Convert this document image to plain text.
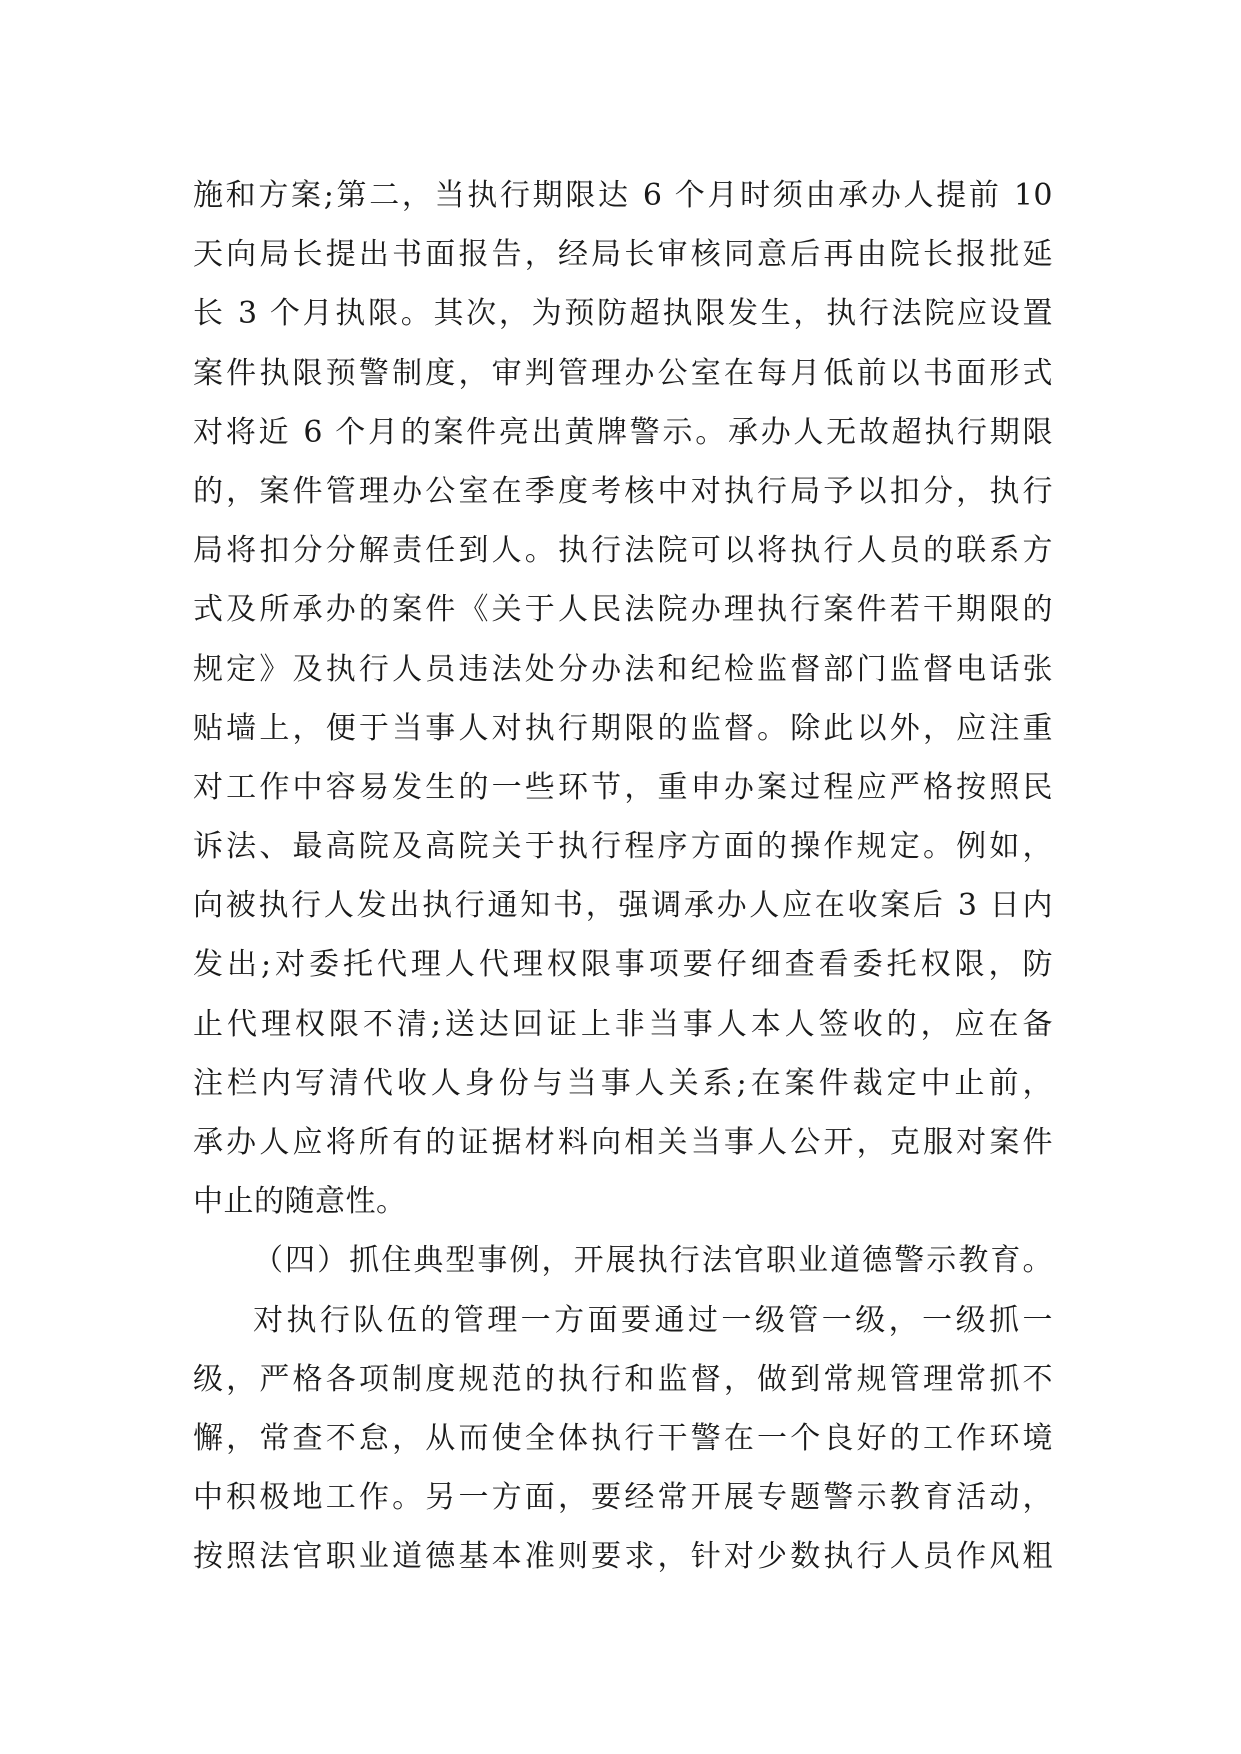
施和方案;第二，当执行期限达 6 个月时须由承办人提前 10
天向局长提出书面报告，经局长审核同意后再由院长报批延
长 3 个月执限。其次，为预防超执限发生，执行法院应设置
案件执限预警制度，审判管理办公室在每月低前以书面形式
对将近 6 个月的案件亮出黄牌警示。承办人无故超执行期限
的，案件管理办公室在季度考核中对执行局予以扣分，执行
局将扣分分解责任到人。执行法院可以将执行人员的联系方
式及所承办的案件《关于人民法院办理执行案件若干期限的
规定》及执行人员违法处分办法和纪检监督部门监督电话张
贴墙上，便于当事人对执行期限的监督。除此以外，应注重
对工作中容易发生的一些环节，重申办案过程应严格按照民
诉法、最高院及高院关于执行程序方面的操作规定。例如，
向被执行人发出执行通知书，强调承办人应在收案后 3 日内
发出;对委托代理人代理权限事项要仔细查看委托权限，防
止代理权限不清;送达回证上非当事人本人签收的，应在备
注栏内写清代收人身份与当事人关系;在案件裁定中止前，
承办人应将所有的证据材料向相关当事人公开，克服对案件
中止的随意性。
（四）抓住典型事例，开展执行法官职业道德警示教育。
对执行队伍的管理一方面要通过一级管一级，一级抓一
级，严格各项制度规范的执行和监督，做到常规管理常抓不
懈，常查不怠，从而使全体执行干警在一个良好的工作环境
中积极地工作。另一方面，要经常开展专题警示教育活动，
按照法官职业道德基本准则要求，针对少数执行人员作风粗
